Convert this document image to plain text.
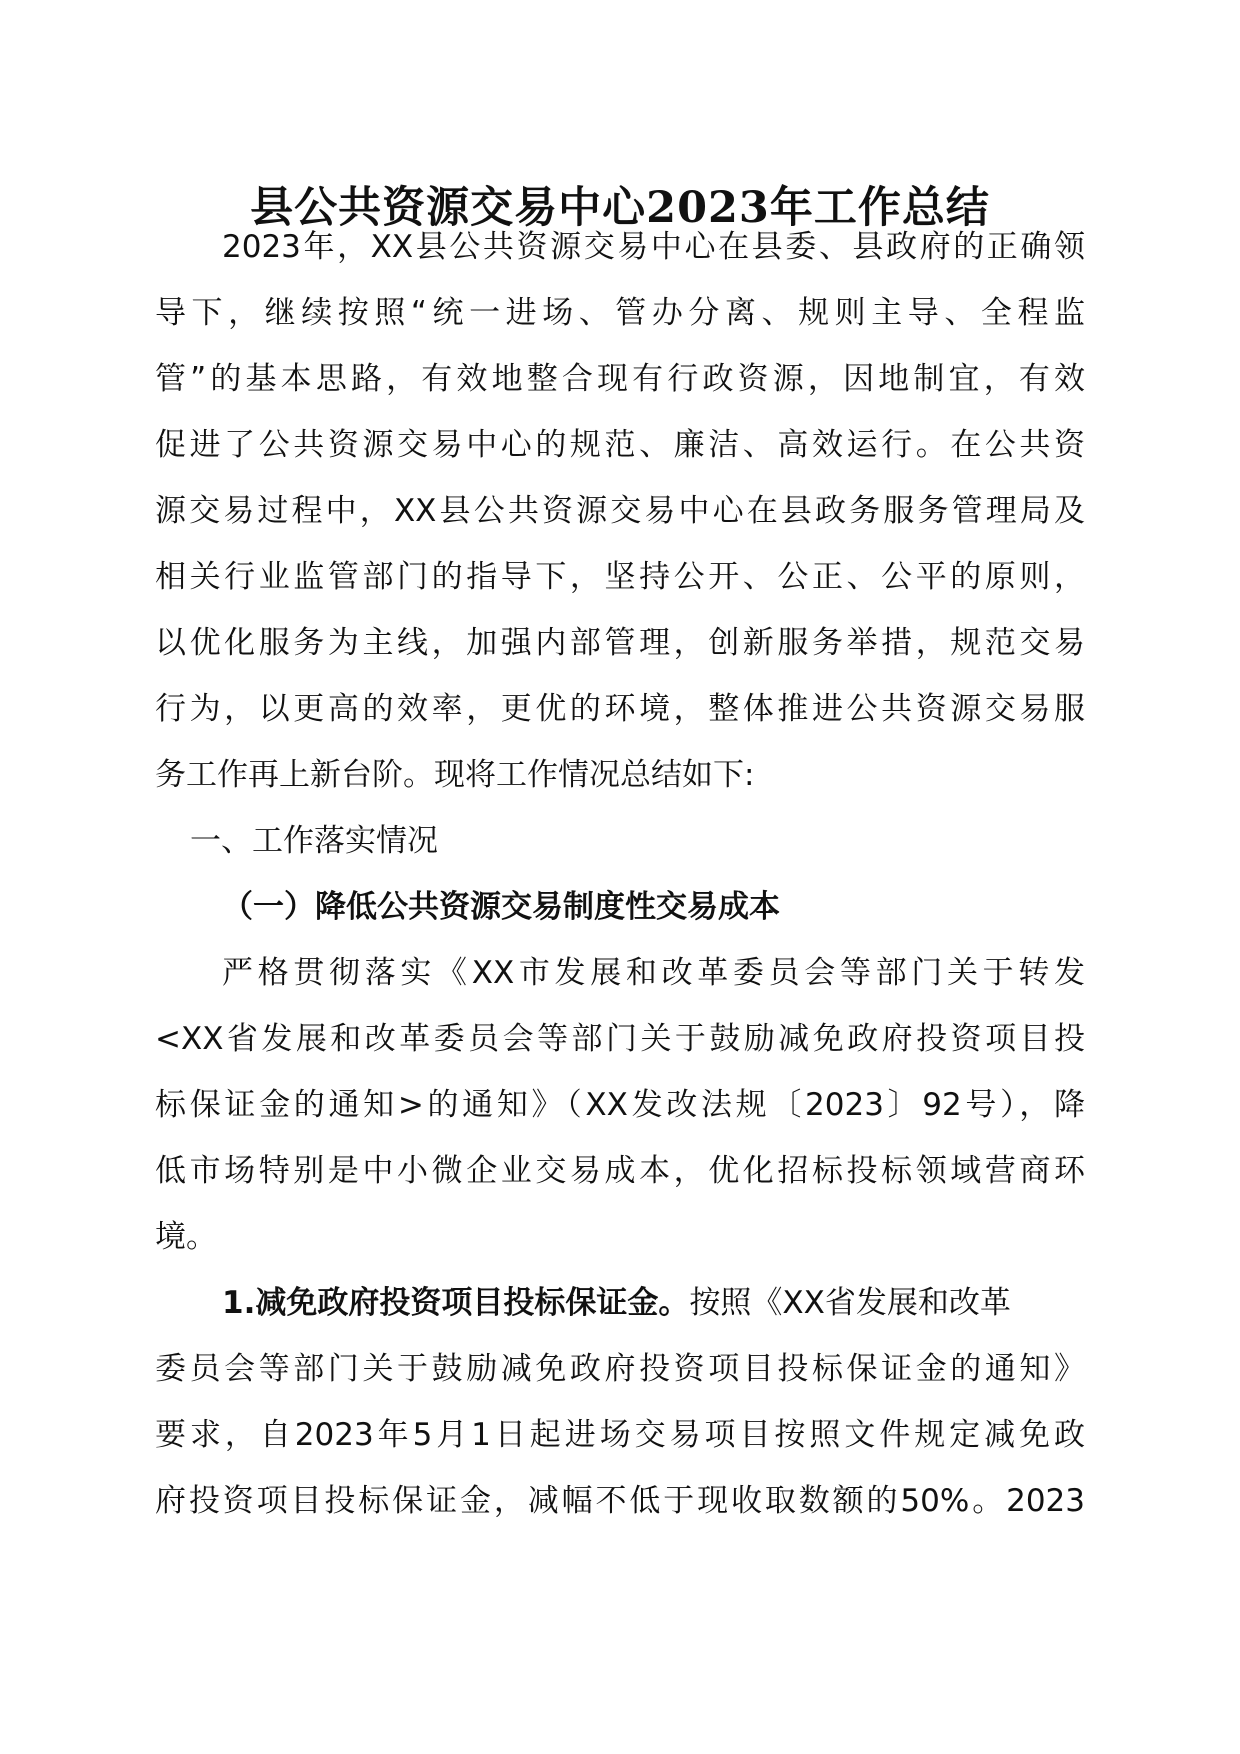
县公共资源交易中心2023年工作总结
2023年，XX县公共资源交易中心在县委、县政府的正确领
导下，继续按照“统一进场、管办分离、规则主导、全程监
管”的基本思路，有效地整合现有行政资源，因地制宜，有效
促进了公共资源交易中心的规范、廉洁、高效运行。在公共资
源交易过程中，XX县公共资源交易中心在县政务服务管理局及
相关行业监管部门的指导下，坚持公开、公正、公平的原则，
以优化服务为主线，加强内部管理，创新服务举措，规范交易
行为，以更高的效率，更优的环境，整体推进公共资源交易服
务工作再上新台阶。现将工作情况总结如下:
一、工作落实情况
（一）降低公共资源交易制度性交易成本
严格贯彻落实《XX市发展和改革委员会等部门关于转发
<XX省发展和改革委员会等部门关于鼓励减免政府投资项目投
标保证金的通知>的通知》（XX发改法规〔2023〕92号），降
低市场特别是中小微企业交易成本，优化招标投标领域营商环
境。
1.减免政府投资项目投标保证金。按照《XX省发展和改革
委员会等部门关于鼓励减免政府投资项目投标保证金的通知》
要求，自2023年5月1日起进场交易项目按照文件规定减免政
府投资项目投标保证金，减幅不低于现收取数额的50%。2023
